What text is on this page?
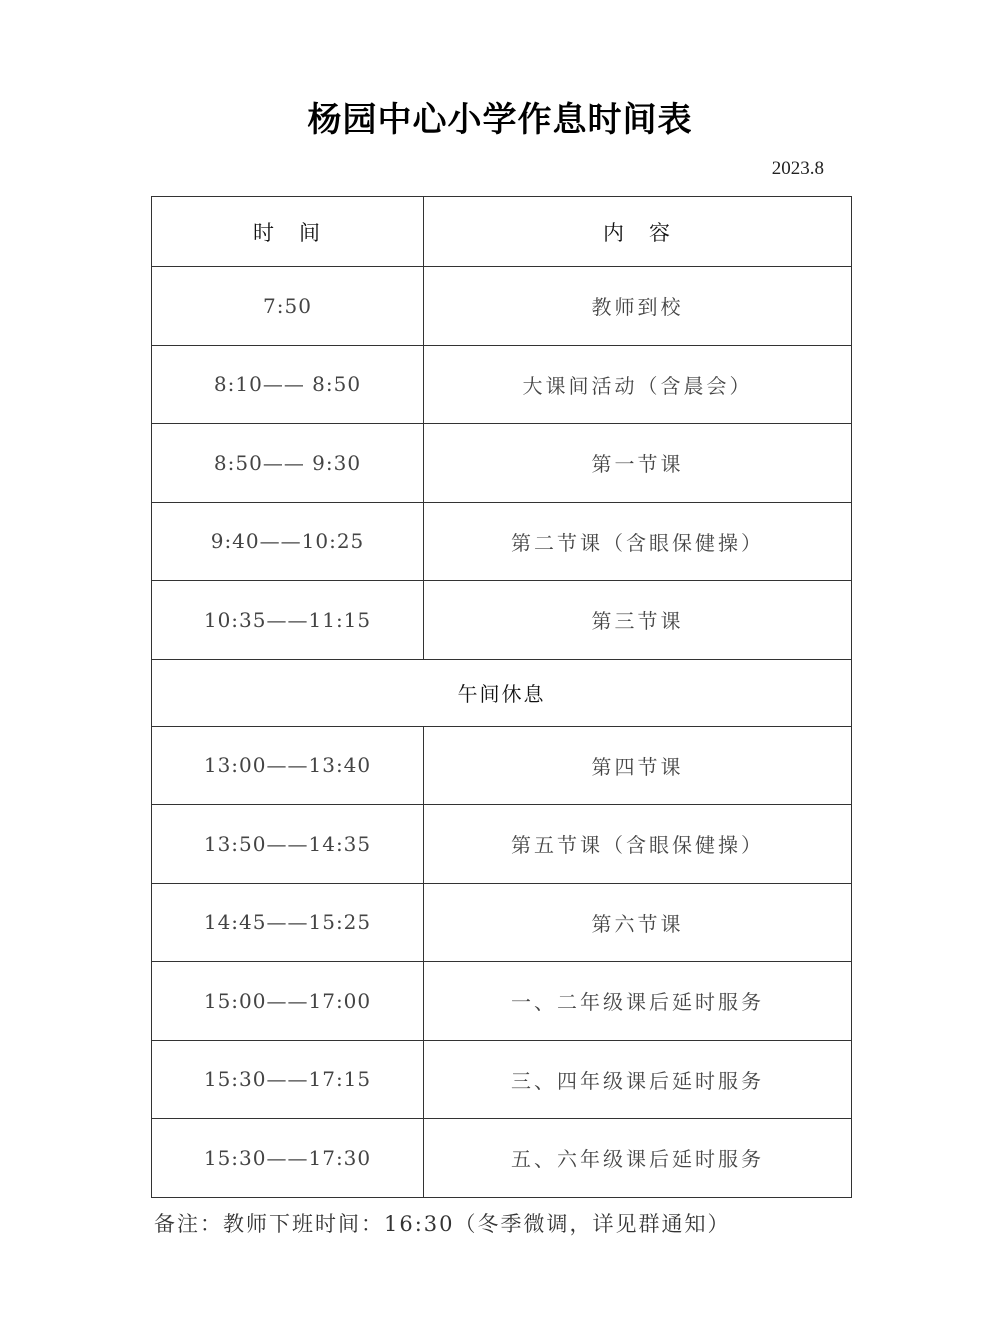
杨园中心小学作息时间表
2023.8
时　间	内　容
7:50	教师到校
8:10—— 8:50	大课间活动（含晨会）
8:50—— 9:30	第一节课
9:40——10:25	第二节课（含眼保健操）
10:35——11:15	第三节课
午间休息	
13:00——13:40	第四节课
13:50——14:35	第五节课（含眼保健操）
14:45——15:25	第六节课
15:00——17:00	一、二年级课后延时服务
15:30——17:15	三、四年级课后延时服务
15:30——17:30	五、六年级课后延时服务
备注：教师下班时间：16:30（冬季微调，详见群通知）
